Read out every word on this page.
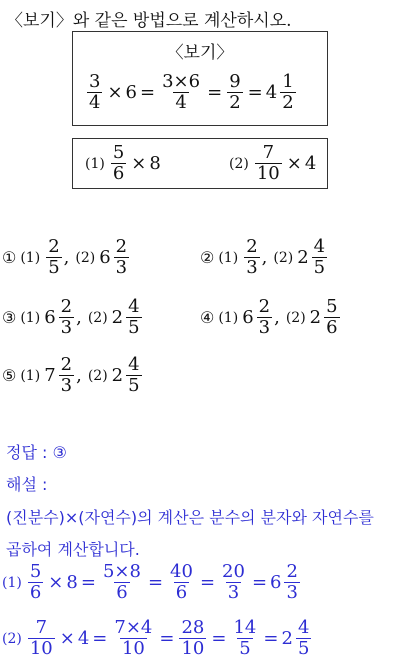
〈보기〉와 같은 방법으로 계산하시오.
〈보기〉
$\frac{3}{4} \times 6 = \frac{3\times 6}{4} = \frac{9}{2} = 4 \frac{1}{2}$
$(1) \frac{5}{6} \times 8$	$(2) \frac{7}{10} \times 4$
① $(1) \frac{2}{5}$ , (2) $6 \frac{2}{3}$	② $(1) \frac{2}{3}$ , (2) $2 \frac{4}{5}$
③ (1) $6 \frac{2}{3}$ , (2) $2 \frac{4}{5}$	④ (1) $6 \frac{2}{3}$ , (2) $2 \frac{5}{6}$
⑤ (1) $7 \frac{2}{3}$ , (2) $2 \frac{4}{5}$
정답 : ③
해설 :
(진분수)×(자연수)의 계산은 분수의 분자와 자연수를
곱하여 계산합니다.
$(1) \frac{5}{6} \times 8 = \frac{5\times 8}{6} = \frac{40}{6} = \frac{20}{3} = 6 \frac{2}{3}$
$(2) \frac{7}{10} \times 4 = \frac{7\times 4}{10} = \frac{28}{10} = \frac{14}{5} = 2 \frac{4}{5}$
